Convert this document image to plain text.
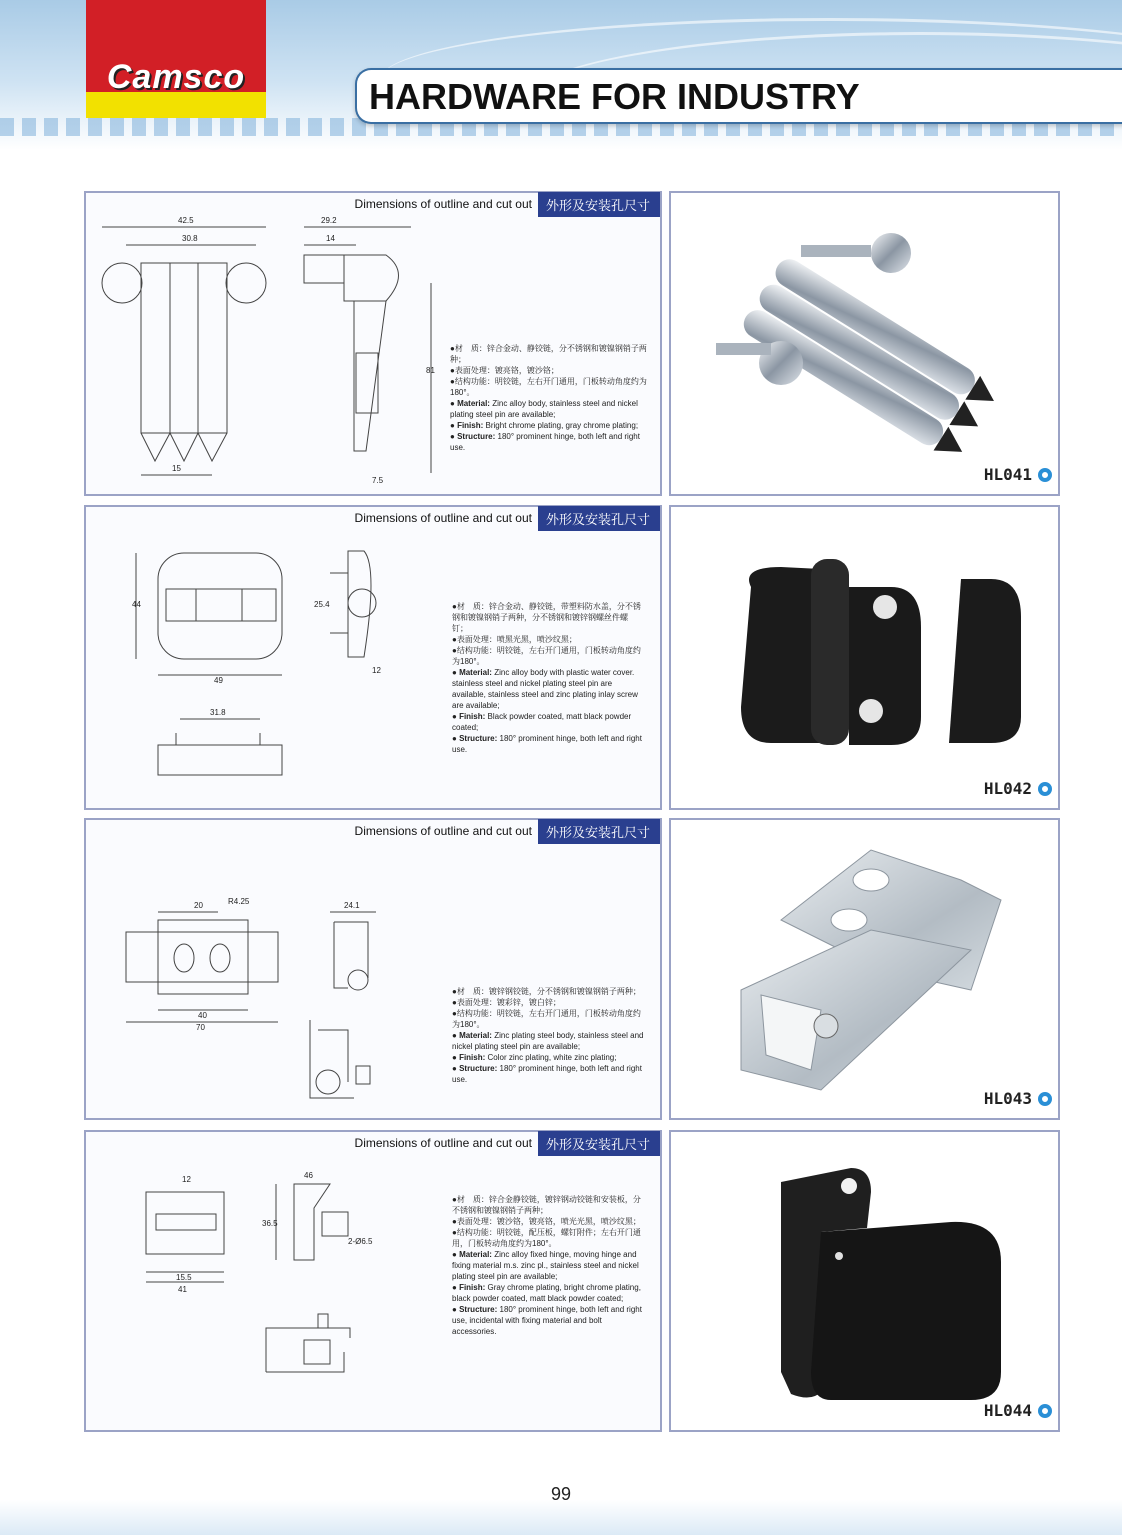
Camsco	HARDWARE FOR INDUSTRY
Dimensions of outline and cut out	外形及安装孔尺寸
42.5
30.8
15
29.2
14
7.5
81
●材　质：锌合金动、静铰链，分不锈钢和镀镍钢销子两种；
●表面处理：镀亮铬，镀沙铬；
●结构功能：明铰链，左右开门通用，门板转动角度约为180°。
● Material: Zinc alloy body, stainless steel and nickel plating steel pin are available;
● Finish: Bright chrome plating, gray chrome plating;
● Structure: 180° prominent hinge, both left and right use.
HL041
Dimensions of outline and cut out	外形及安装孔尺寸
44
49
25.4
12
31.8
●材　质：锌合金动、静铰链，带塑料防水盖，分不锈钢和镀镍钢销子两种，分不锈钢和镀锌钢螺丝件螺钉；
●表面处理：喷黑光黑，喷沙纹黑；
●结构功能：明铰链，左右开门通用，门板转动角度约为180°。
● Material: Zinc alloy body with plastic water cover. stainless steel and nickel plating steel pin are available, stainless steel and zinc plating inlay screw are available;
● Finish: Black powder coated, matt black powder coated;
● Structure: 180° prominent hinge, both left and right use.
HL042
Dimensions of outline and cut out	外形及安装孔尺寸
20	R4.25
40
70
24.1
●材　质：镀锌钢铰链，分不锈钢和镀镍钢销子两种；
●表面处理：镀彩锌，镀白锌；
●结构功能：明铰链，左右开门通用，门板转动角度约为180°。
● Material: Zinc plating steel body, stainless steel and nickel plating steel pin are available;
● Finish: Color zinc plating, white zinc plating;
● Structure: 180° prominent hinge, both left and right use.
HL043
Dimensions of outline and cut out	外形及安装孔尺寸
12
15.5
41
46
36.5
2-Ø6.5
●材　质：锌合金静铰链，镀锌钢动铰链和安装板，分不锈钢和镀镍钢销子两种；
●表面处理：镀沙铬，镀亮铬，喷光光黑，喷沙纹黑；
●结构功能：明铰链，配压板，螺钉附件；左右开门通用，门板转动角度约为180°。
● Material: Zinc alloy fixed hinge, moving hinge and fixing material m.s. zinc pl., stainless steel and nickel plating steel pin are available;
● Finish: Gray chrome plating, bright chrome plating, black powder coated, matt black powder coated;
● Structure: 180° prominent hinge, both left and right use, incidental with fixing material and bolt accessories.
HL044
99
